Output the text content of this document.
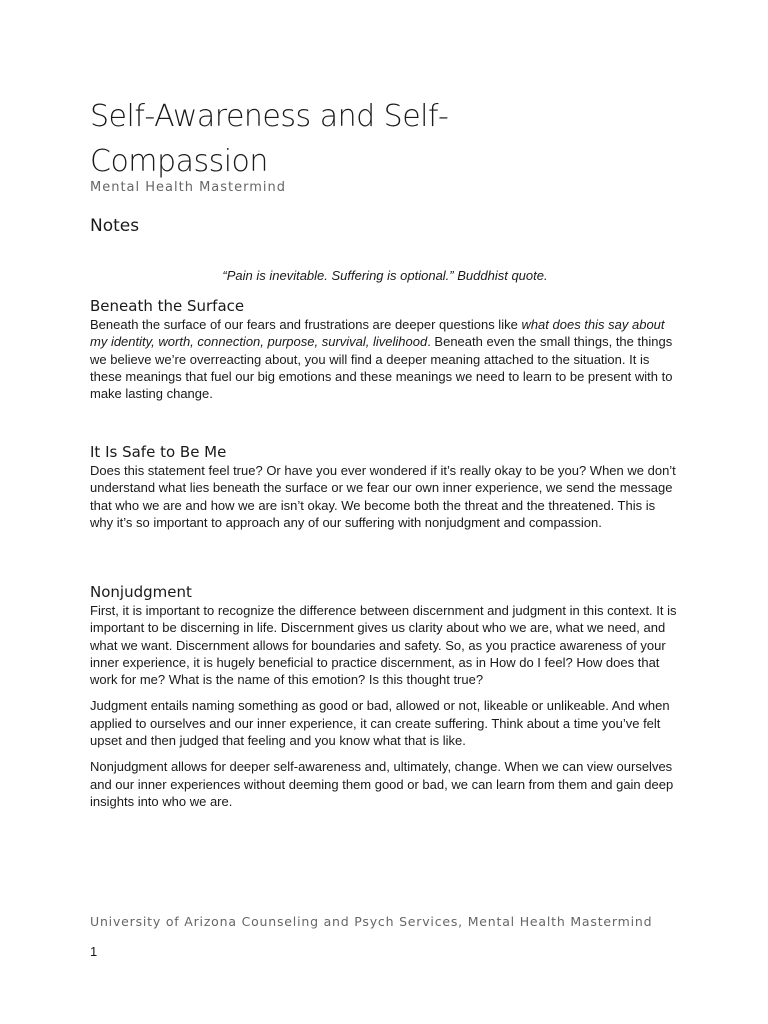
Self-Awareness and Self-
Compassion
Mental Health Mastermind
Notes
“Pain is inevitable. Suffering is optional.” Buddhist quote.
Beneath the Surface

Beneath the surface of our fears and frustrations are deeper questions like what does this say about my identity, worth, connection, purpose, survival, livelihood. Beneath even the small things, the things we believe we’re overreacting about, you will find a deeper meaning attached to the situation. It is these meanings that fuel our big emotions and these meanings we need to learn to be present with to make lasting change.

It Is Safe to Be Me

Does this statement feel true? Or have you ever wondered if it’s really okay to be you? When we don’t understand what lies beneath the surface or we fear our own inner experience, we send the message that who we are and how we are isn’t okay. We become both the threat and the threatened. This is why it’s so important to approach any of our suffering with nonjudgment and compassion.

Nonjudgment

First, it is important to recognize the difference between discernment and judgment in this context. It is important to be discerning in life. Discernment gives us clarity about who we are, what we need, and what we want. Discernment allows for boundaries and safety. So, as you practice awareness of your inner experience, it is hugely beneficial to practice discernment, as in How do I feel? How does that work for me? What is the name of this emotion? Is this thought true?

Judgment entails naming something as good or bad, allowed or not, likeable or unlikeable. And when applied to ourselves and our inner experience, it can create suffering. Think about a time you’ve felt upset and then judged that feeling and you know what that is like.

Nonjudgment allows for deeper self-awareness and, ultimately, change. When we can view ourselves and our inner experiences without deeming them good or bad, we can learn from them and gain deep insights into who we are.

University of Arizona Counseling and Psych Services, Mental Health Mastermind
1
